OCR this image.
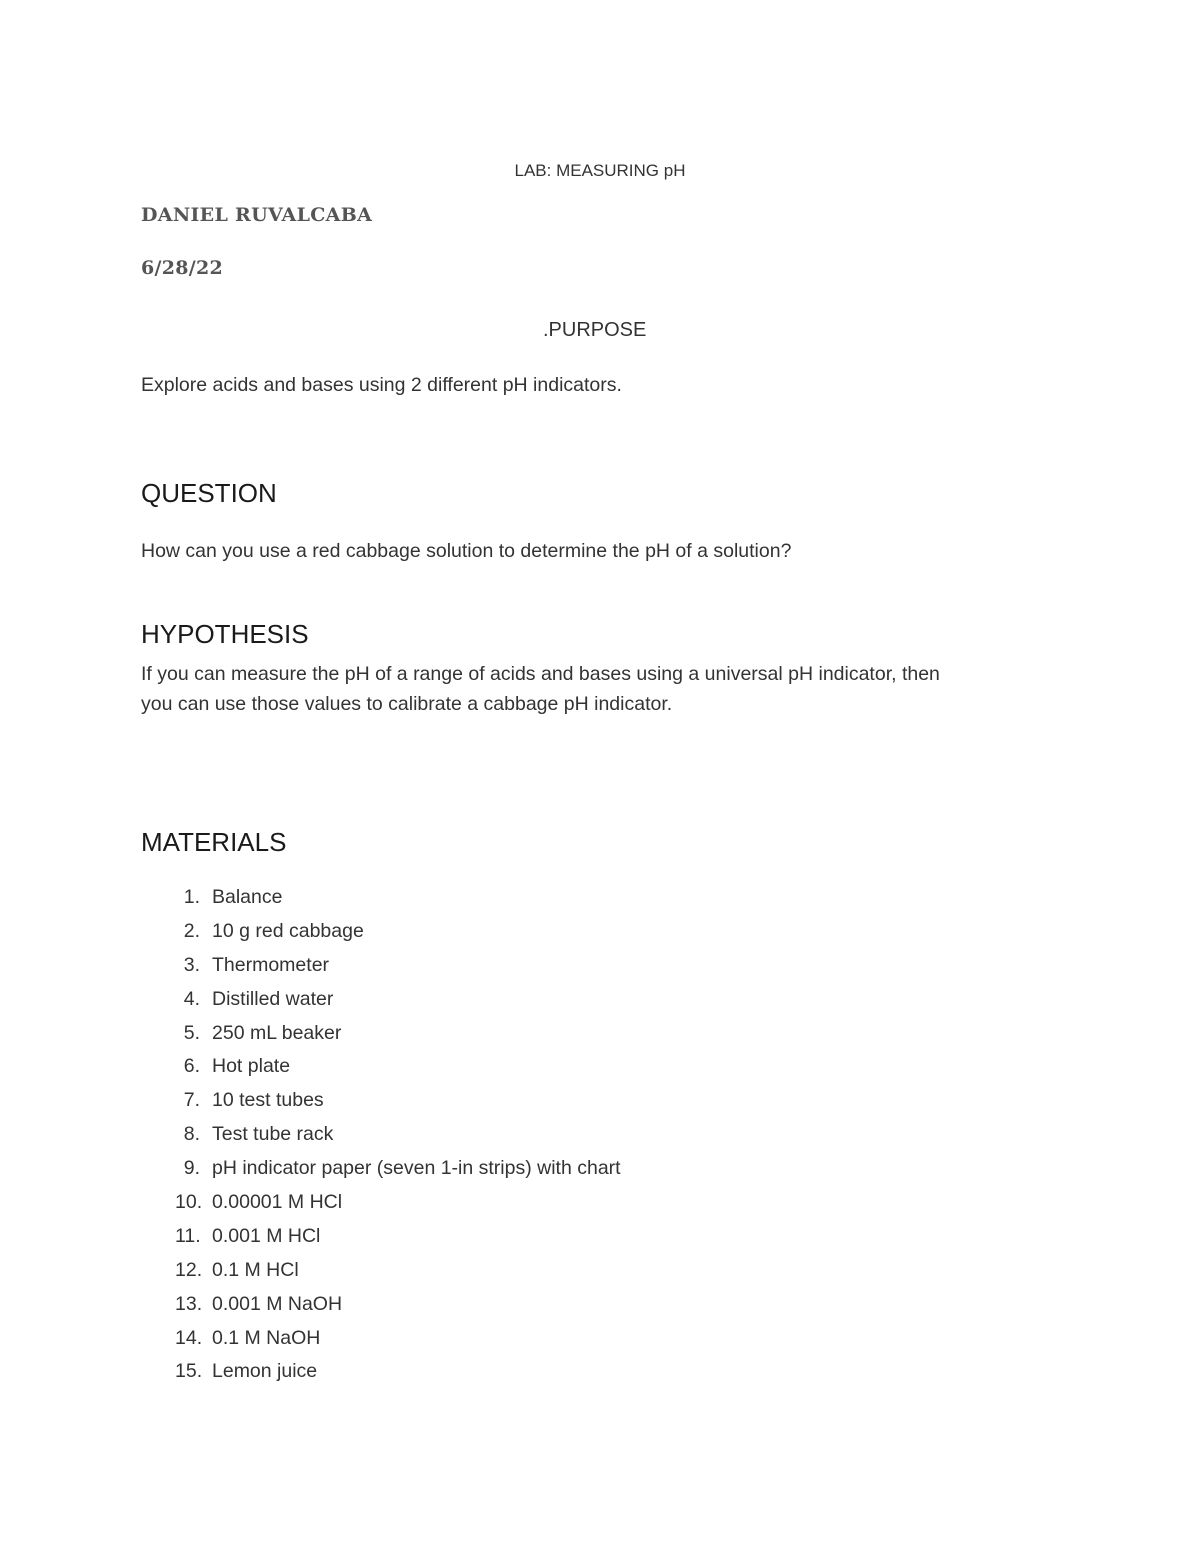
LAB: MEASURING pH
DANIEL RUVALCABA
6/28/22
.PURPOSE

Explore acids and bases using 2 different pH indicators.

QUESTION

How can you use a red cabbage solution to determine the pH of a solution?

HYPOTHESIS
If you can measure the pH of a range of acids and bases using a universal pH indicator, then
you can use those values to calibrate a cabbage pH indicator.
MATERIALS
1. Balance
2. 10 g red cabbage
3. Thermometer
4. Distilled water
5. 250 mL beaker
6. Hot plate
7. 10 test tubes
8. Test tube rack
9. pH indicator paper (seven 1-in strips) with chart
10. 0.00001 M HCl
11. 0.001 M HCl
12. 0.1 M HCl
13. 0.001 M NaOH
14. 0.1 M NaOH
15. Lemon juice
